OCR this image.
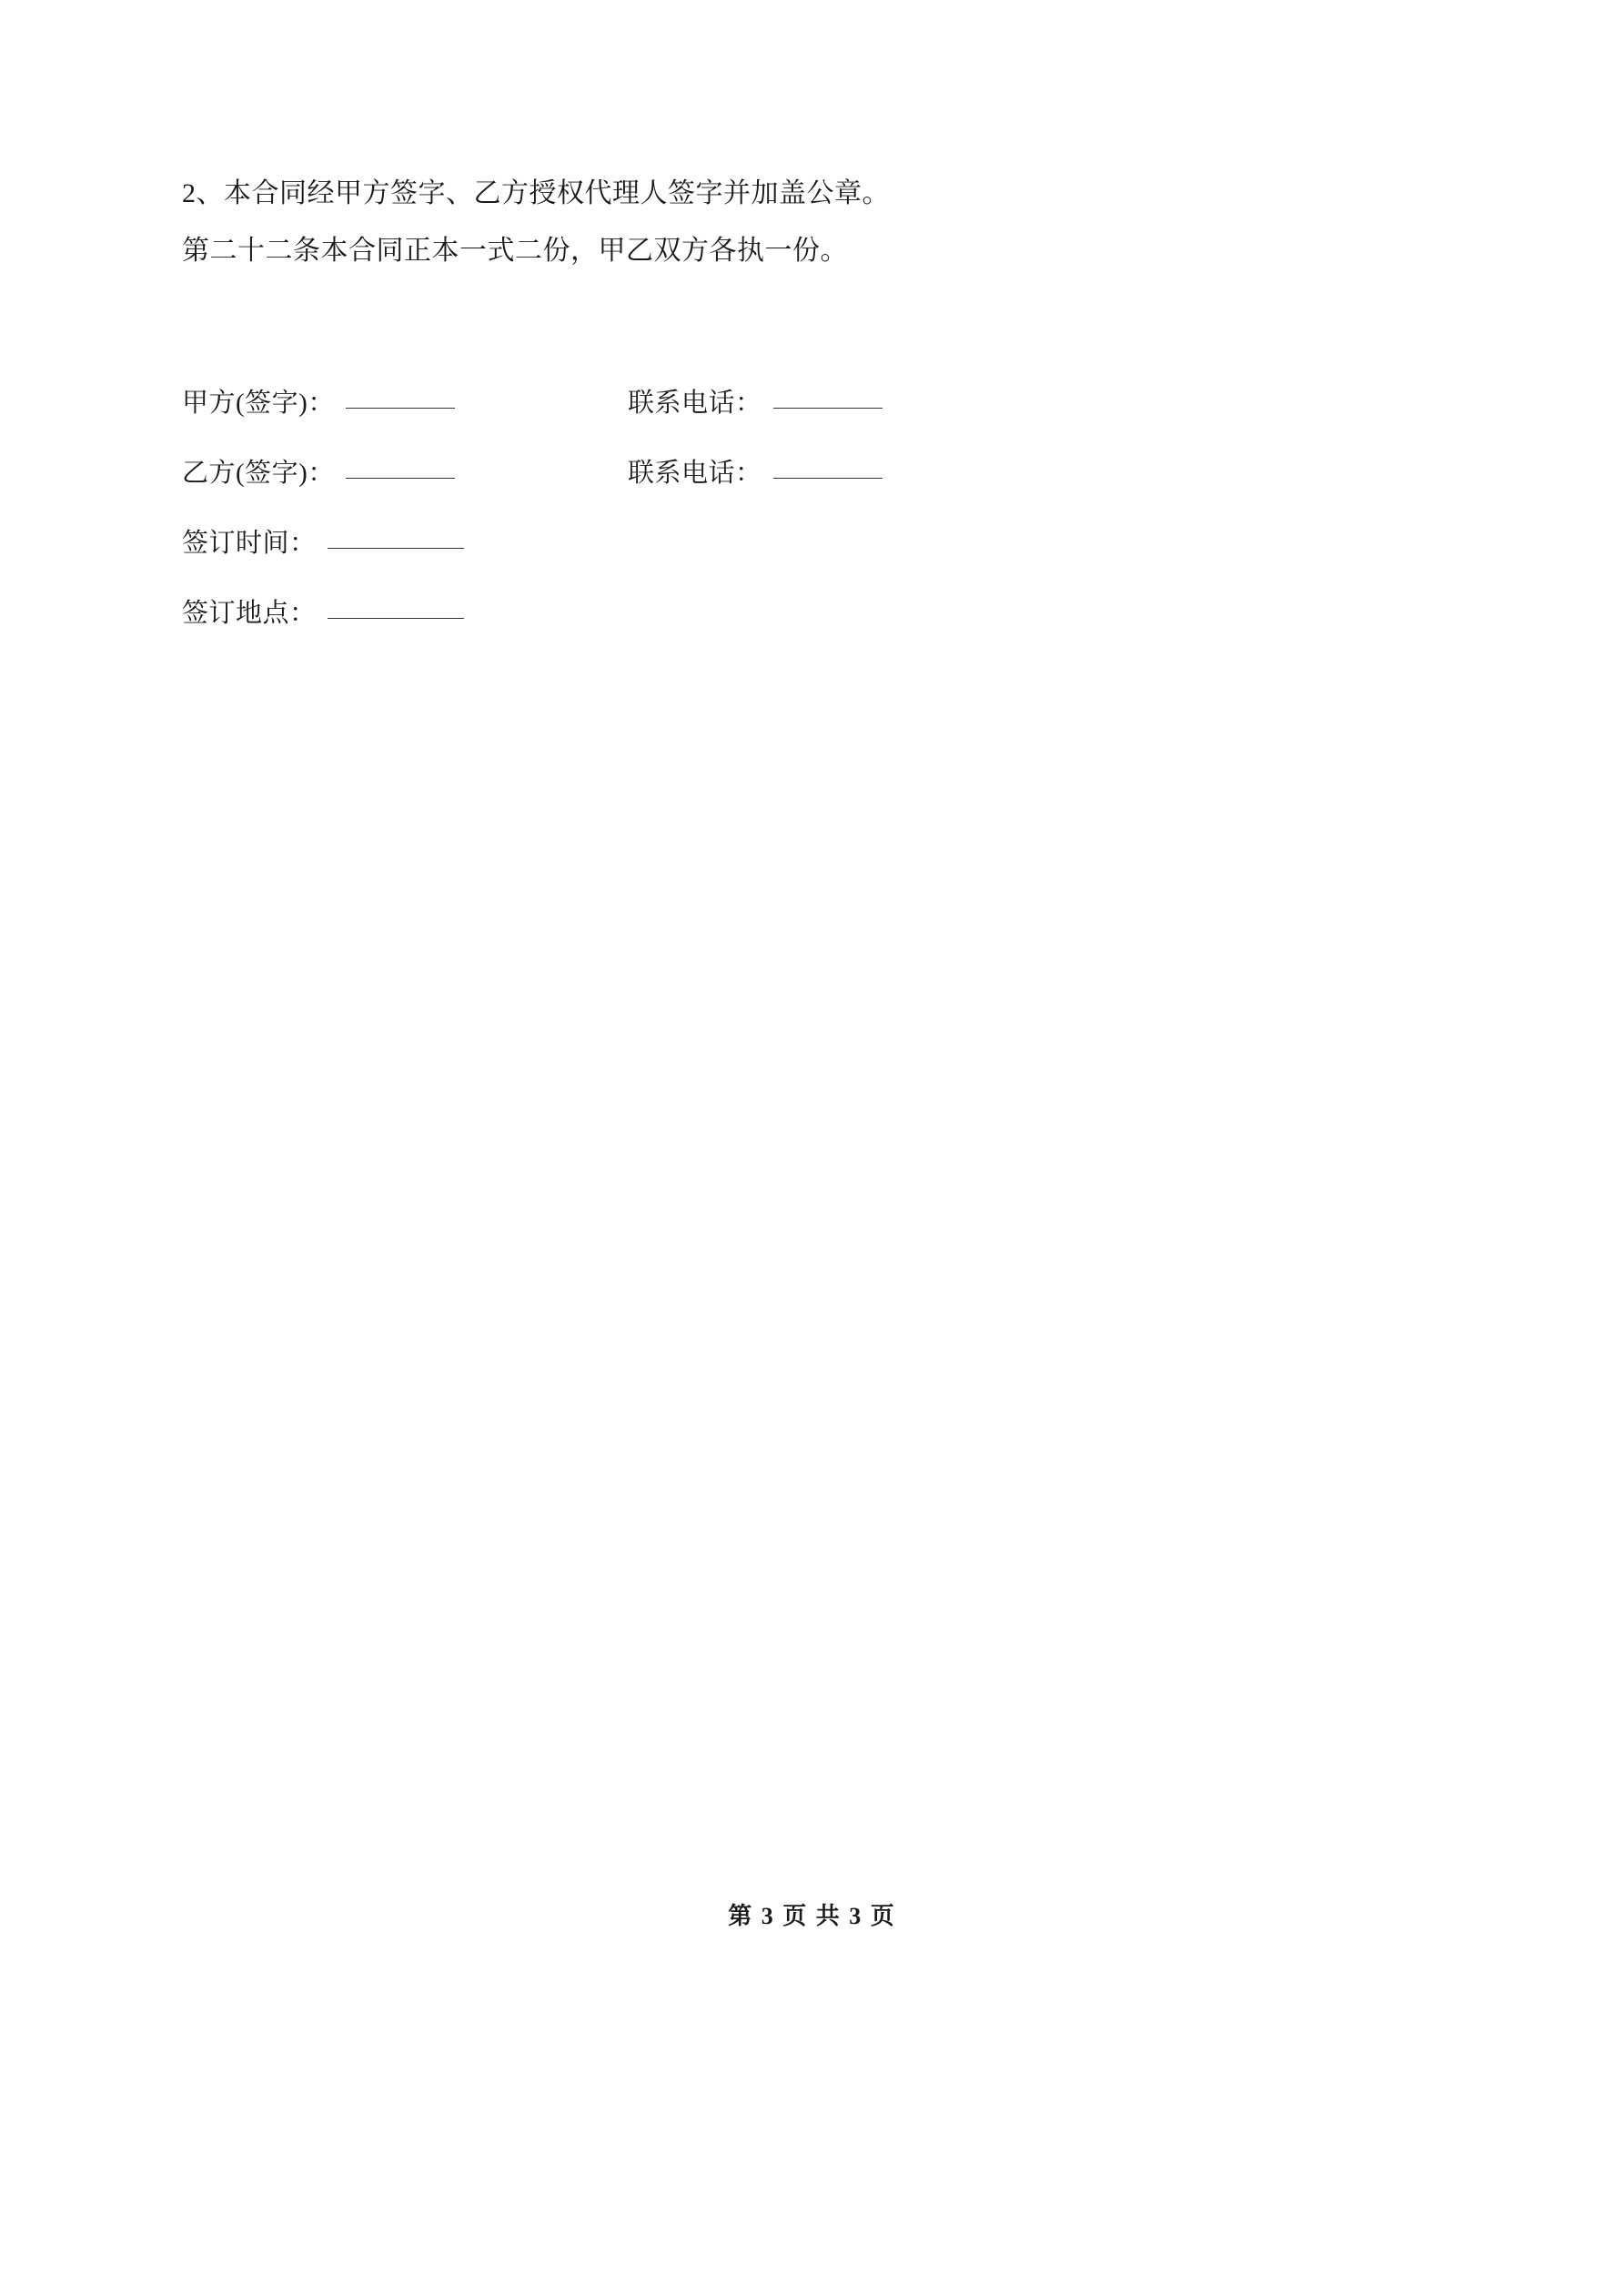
2、本合同经甲方签字、乙方授权代理人签字并加盖公章。

第二十二条本合同正本一式二份，甲乙双方各执一份。

甲方(签字)：	联系电话：
乙方(签字)：	联系电话：
签订时间：
签订地点：
第 3 页 共 3 页
